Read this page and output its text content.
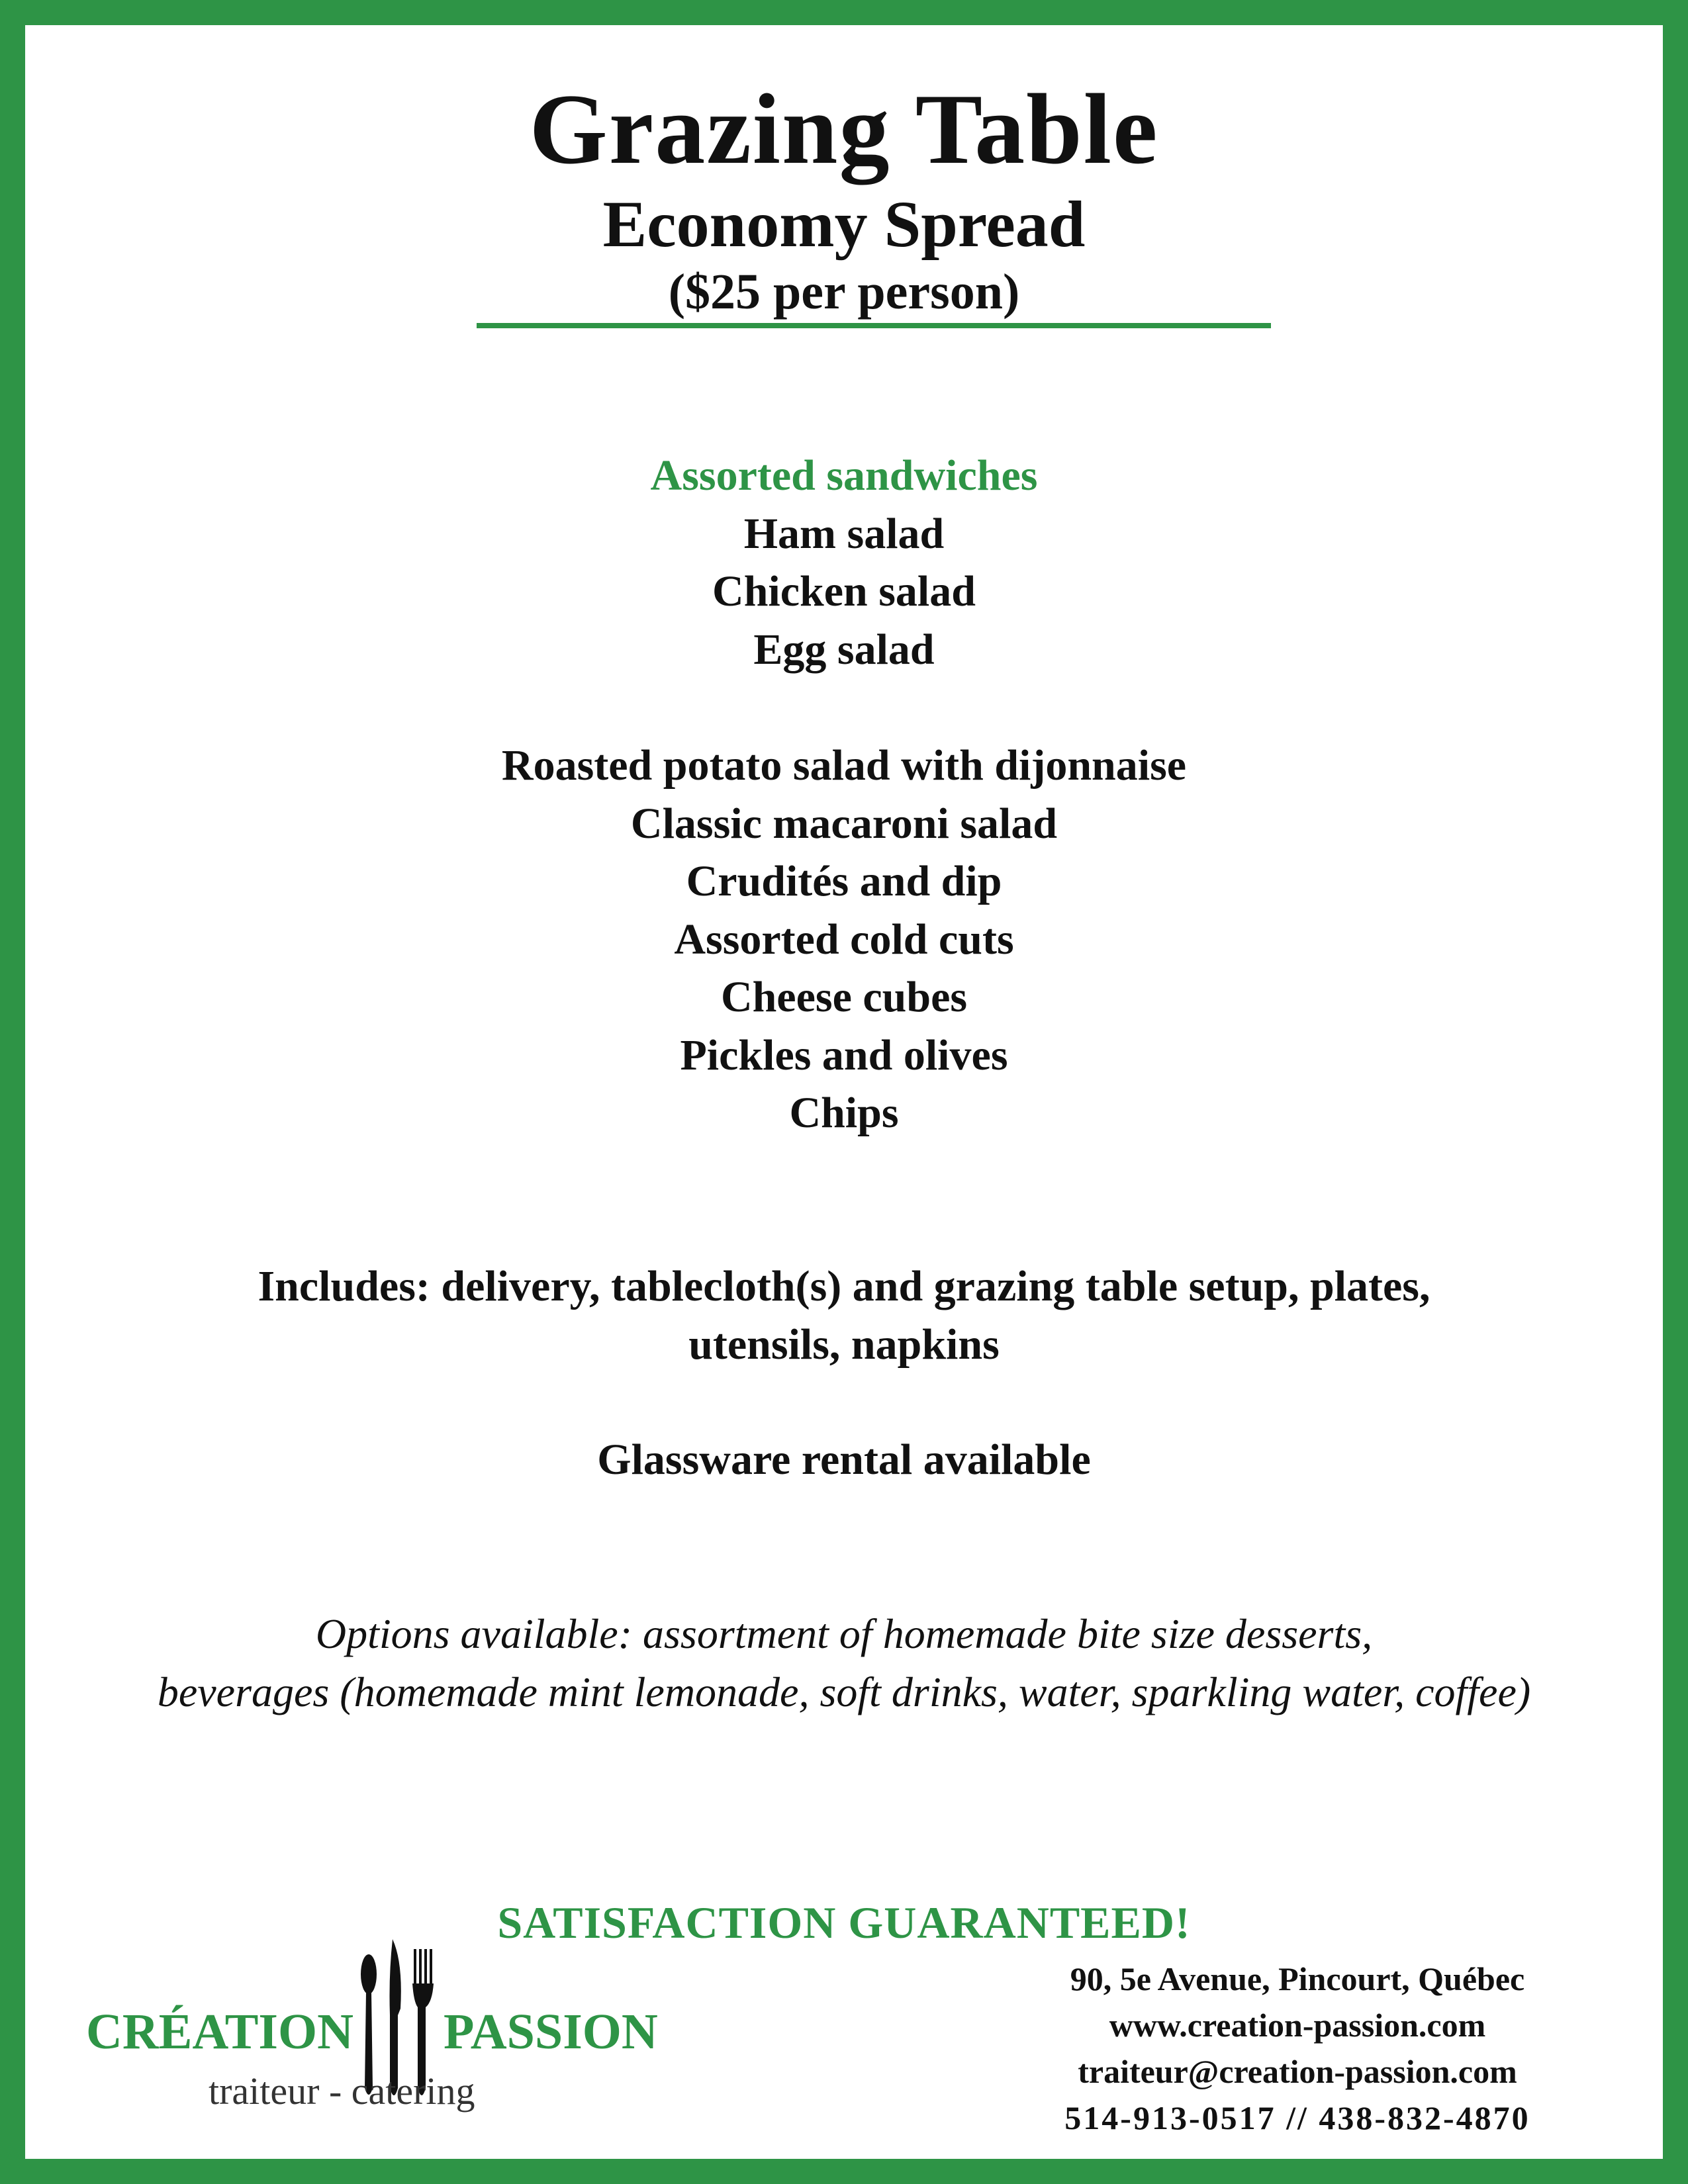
Grazing Table
Economy Spread
($25 per person)
Assorted sandwiches
Ham salad
Chicken salad
Egg salad
Roasted potato salad with dijonnaise
Classic macaroni salad
Crudités and dip
Assorted cold cuts
Cheese cubes
Pickles and olives
Chips
Includes: delivery, tablecloth(s) and grazing table setup, plates,
utensils, napkins
Glassware rental available
Options available: assortment of homemade bite size desserts,
beverages (homemade mint lemonade, soft drinks, water, sparkling water, coffee)
SATISFACTION GUARANTEED!
CRÉATION PASSION
traiteur - catering
90, 5e Avenue, Pincourt, Québec
www.creation-passion.com
traiteur@creation-passion.com
514-913-0517 // 438-832-4870
